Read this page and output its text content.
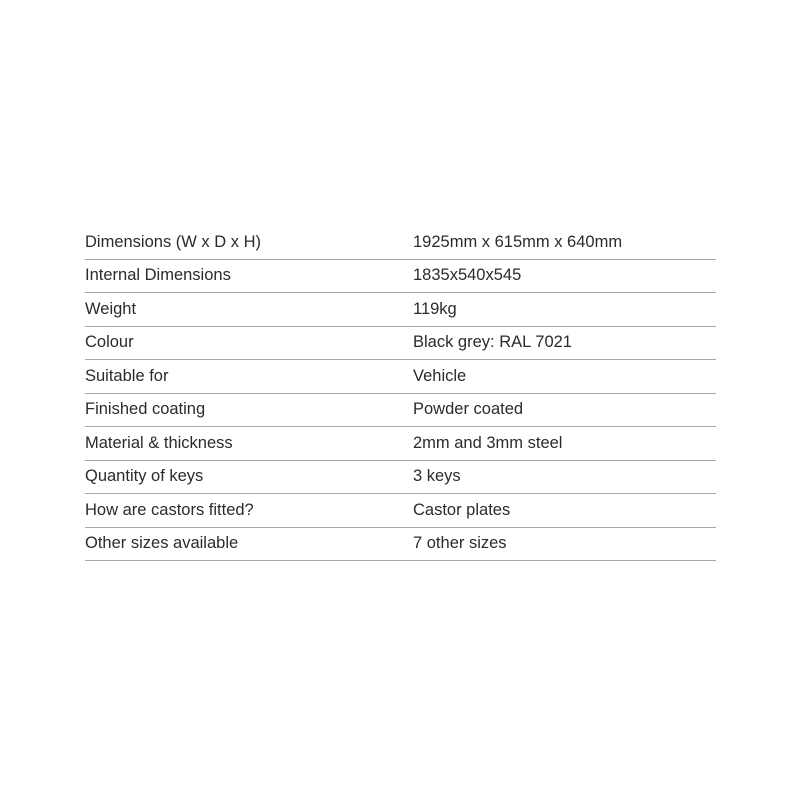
Dimensions (W x D x H)	1925mm x 615mm x 640mm
Internal Dimensions	1835x540x545
Weight	119kg
Colour	Black grey: RAL 7021
Suitable for	Vehicle
Finished coating	Powder coated
Material & thickness	2mm and 3mm steel
Quantity of keys	3 keys
How are castors fitted?	Castor plates
Other sizes available	7 other sizes
